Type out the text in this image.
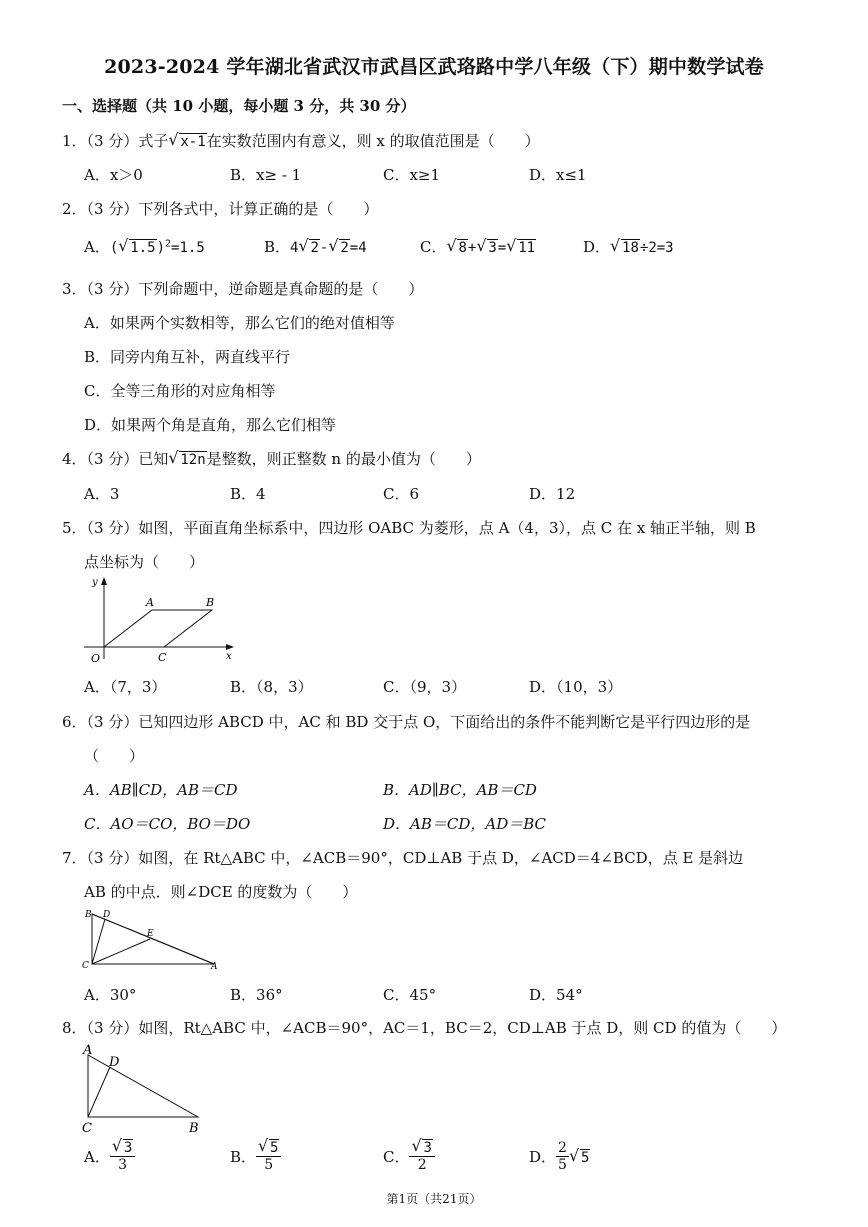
2023-2024 学年湖北省武汉市武昌区武珞路中学八年级（下）期中数学试卷
一、选择题（共 10 小题，每小题 3 分，共 30 分）
1．（3 分）式子 √ x-1在实数范围内有意义，则 x 的取值范围是（　　）
A．x＞0	B．x≥ - 1	C．x≥1	D．x≤1
2．（3 分）下列各式中，计算正确的是（　　）
A．( √ 1.5)$^2$=1.5	B．4 √ 2- √ 2=4	C． √ 8+ √ 3= √ 11	D． √ 18÷2=3
3．（3 分）下列命题中，逆命题是真命题的是（　　）
A．如果两个实数相等，那么它们的绝对值相等
B．同旁内角互补，两直线平行
C．全等三角形的对应角相等
D．如果两个角是直角，那么它们相等
4．（3 分）已知 √ 12n是整数，则正整数 n 的最小值为（　　）
A．3	B．4	C．6	D．12
5．（3 分）如图，平面直角坐标系中，四边形 OABC 为菱形，点 A（4，3），点 C 在 x 轴正半轴，则 B
点坐标为（　　）
y
x
O
A	B
C
A．（7，3）	B．（8，3）	C．（9，3）	D．（10，3）
6．（3 分）已知四边形 ABCD 中，AC 和 BD 交于点 O，下面给出的条件不能判断它是平行四边形的是
（　　）
A．AB∥CD，AB＝CD	B．AD∥BC，AB＝CD
C．AO＝CO，BO＝DO	D．AB＝CD，AD＝BC
7．（3 分）如图，在 Rt△ABC 中，∠ACB＝90°，CD⊥AB 于点 D，∠ACD＝4∠BCD，点 E 是斜边
AB 的中点．则∠DCE 的度数为（　　）
B D
E
C	A
A．30°	B．36°	C．45°	D．54°
8．（3 分）如图，Rt△ABC 中，∠ACB＝90°，AC＝1，BC＝2，CD⊥AB 于点 D，则 CD 的值为（　　）
A
D
C	B
A． $\frac{√ 3}{3}$	B． $\frac{√ 5}{5}$	C． $\frac{√ 3}{2}$	D． $\frac{2}{5}$ √ 5
第1页（共21页）
